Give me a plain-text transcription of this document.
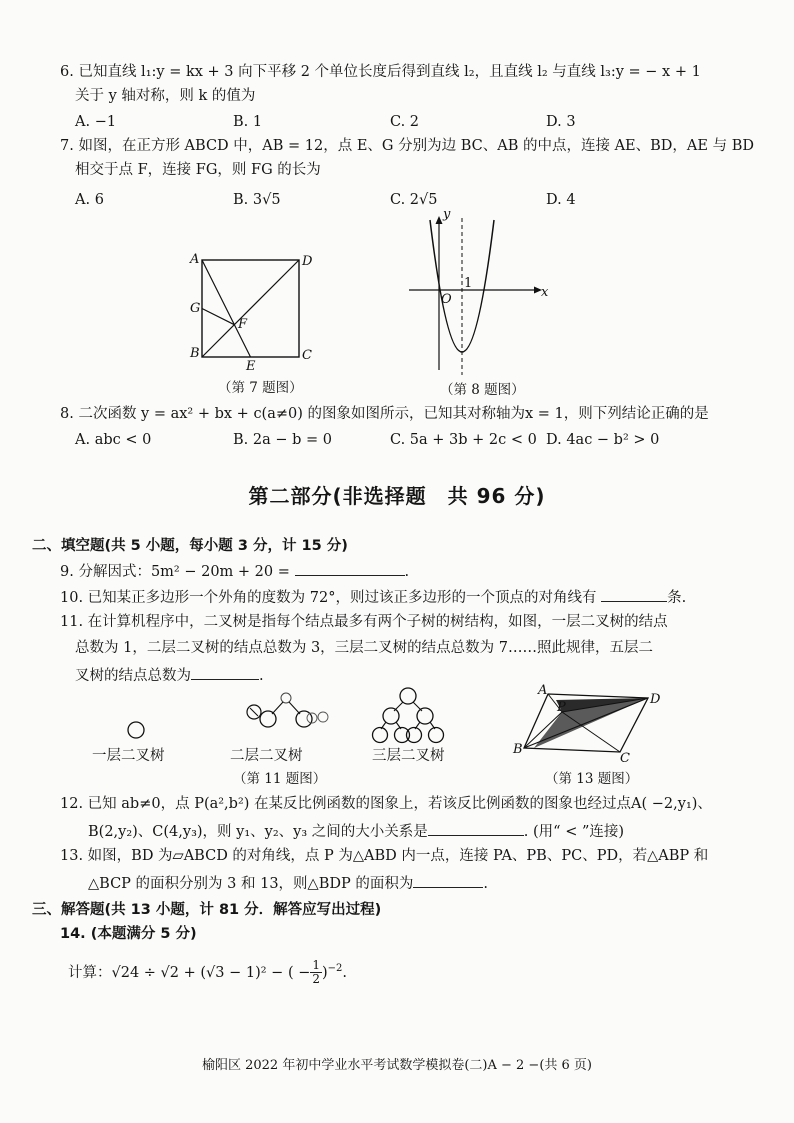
6. 已知直线 l₁:y = kx + 3 向下平移 2 个单位长度后得到直线 l₂，且直线 l₂ 与直线 l₃:y = − x + 1
关于 y 轴对称，则 k 的值为
A. −1	B. 1	C. 2	D. 3
7. 如图，在正方形 ABCD 中，AB = 12，点 E、G 分别为边 BC、AB 的中点，连接 AE、BD，AE 与 BD
相交于点 F，连接 FG，则 FG 的长为
A. 6	B. 3√5	C. 2√5	D. 4
A	D
G
F
B
E
C
（第 7 题图）
y
x
O
1
（第 8 题图）
8. 二次函数 y = ax² + bx + c(a≠0) 的图象如图所示，已知其对称轴为x = 1，则下列结论正确的是
A. abc < 0	B. 2a − b = 0	C. 5a + 3b + 2c < 0 D. 4ac − b² > 0
第二部分(非选择题　共 96 分)
二、填空题(共 5 小题，每小题 3 分，计 15 分)
9. 分解因式：5m² − 20m + 20 =	.
10. 已知某正多边形一个外角的度数为 72°，则过该正多边形的一个顶点的对角线有	条.
11. 在计算机程序中，二叉树是指每个结点最多有两个子树的树结构，如图，一层二叉树的结点
总数为 1，二层二叉树的结点总数为 3，三层二叉树的结点总数为 7……照此规律，五层二
叉树的结点总数为	.
一层二叉树	二层二叉树	三层二叉树
（第 11 题图）
A
P
D
B
C
（第 13 题图）
12. 已知 ab≠0，点 P(a²,b²) 在某反比例函数的图象上，若该反比例函数的图象也经过点A( −2,y₁)、
B(2,y₂)、C(4,y₃)，则 y₁、y₂、y₃ 之间的大小关系是	. (用“ < ”连接)
13. 如图，BD 为▱ABCD 的对角线，点 P 为△ABD 内一点，连接 PA、PB、PC、PD，若△ABP 和
△BCP 的面积分别为 3 和 13，则△BDP 的面积为	.
三、解答题(共 13 小题，计 81 分．解答应写出过程)
14. (本题满分 5 分)
计算：√24 ÷ √2 + (√3 − 1)² − ( − $\frac{1}{2} )^{-2}$.
榆阳区 2022 年初中学业水平考试数学模拟卷(二)A − 2 −(共 6 页)
